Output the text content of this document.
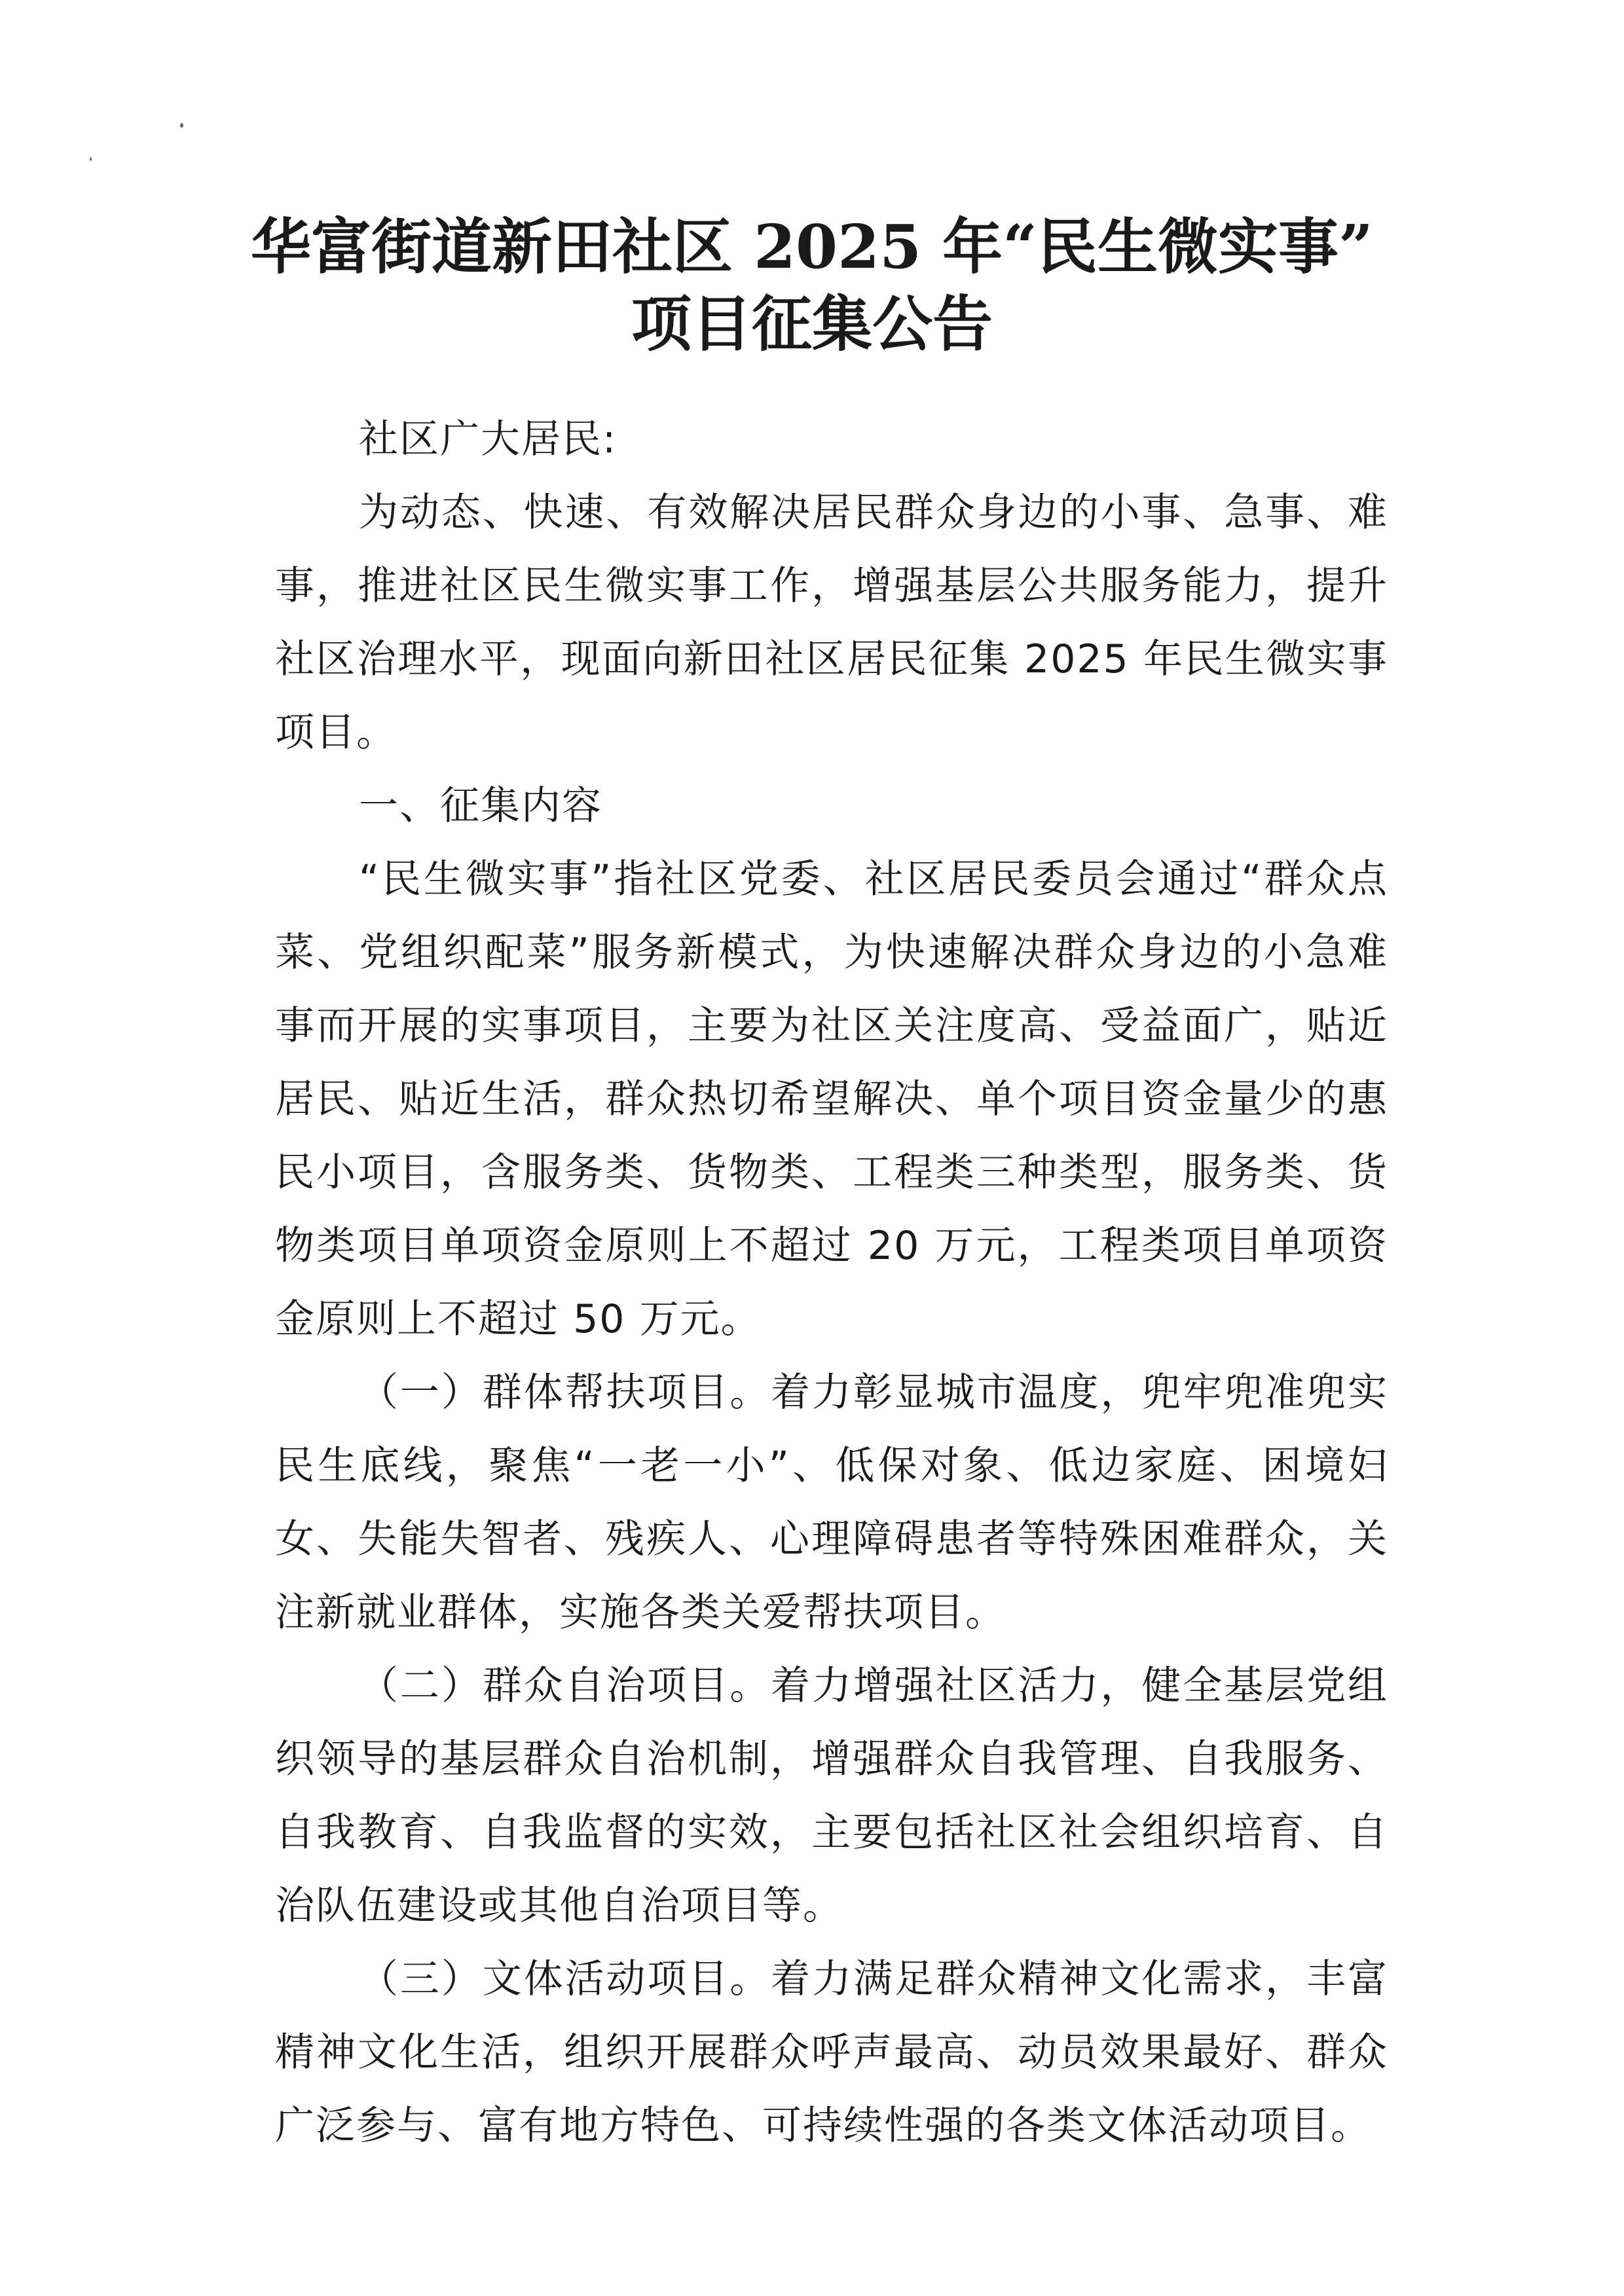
华富街道新田社区 2025 年“民生微实事”
项目征集公告

社区广大居民:

为动态、快速、有效解决居民群众身边的小事、急事、难事，推进社区民生微实事工作，增强基层公共服务能力，提升社区治理水平，现面向新田社区居民征集 2025 年民生微实事项目。

一、征集内容

“民生微实事”指社区党委、社区居民委员会通过“群众点菜、党组织配菜”服务新模式，为快速解决群众身边的小急难事而开展的实事项目，主要为社区关注度高、受益面广，贴近居民、贴近生活，群众热切希望解决、单个项目资金量少的惠民小项目，含服务类、货物类、工程类三种类型，服务类、货物类项目单项资金原则上不超过 20 万元，工程类项目单项资金原则上不超过 50 万元。

（一）群体帮扶项目。着力彰显城市温度，兜牢兜准兜实民生底线，聚焦“一老一小”、低保对象、低边家庭、困境妇女、失能失智者、残疾人、心理障碍患者等特殊困难群众，关注新就业群体，实施各类关爱帮扶项目。

（二）群众自治项目。着力增强社区活力，健全基层党组织领导的基层群众自治机制，增强群众自我管理、自我服务、自我教育、自我监督的实效，主要包括社区社会组织培育、自治队伍建设或其他自治项目等。

（三）文体活动项目。着力满足群众精神文化需求，丰富精神文化生活，组织开展群众呼声最高、动员效果最好、群众广泛参与、富有地方特色、可持续性强的各类文体活动项目。
